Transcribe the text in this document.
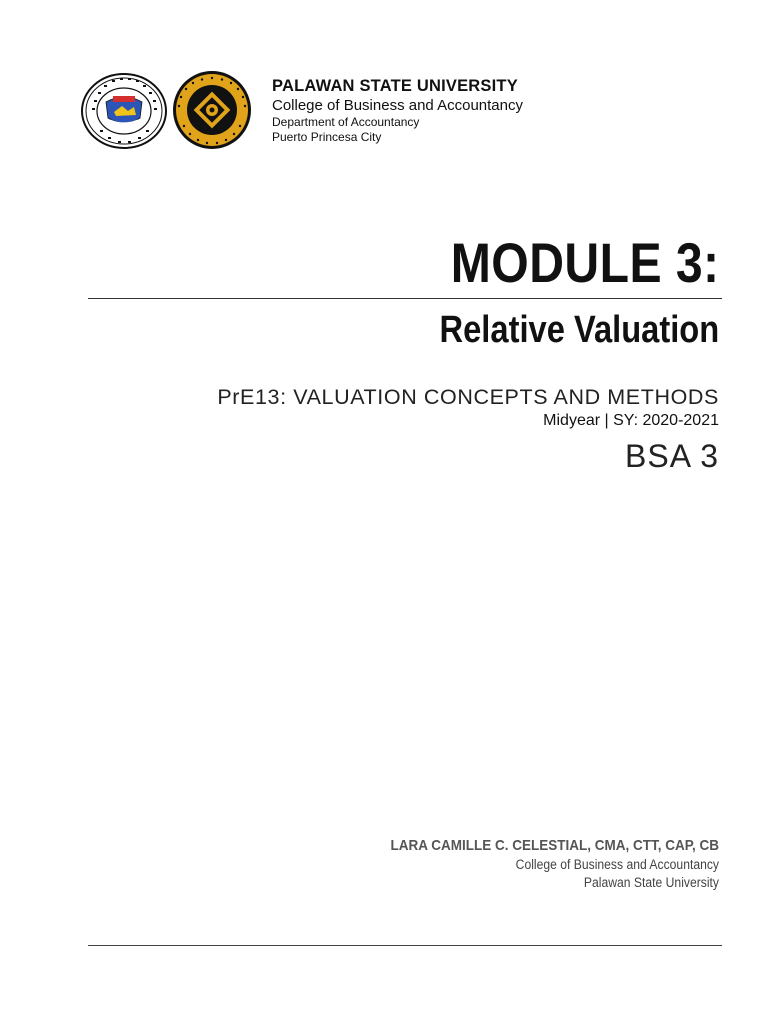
PALAWAN STATE UNIVERSITY
College of Business and Accountancy
Department of Accountancy
Puerto Princesa City
MODULE 3:
Relative Valuation
PrE13: VALUATION CONCEPTS AND METHODS
Midyear | SY: 2020-2021
BSA 3
LARA CAMILLE C. CELESTIAL, CMA, CTT, CAP, CB
College of Business and Accountancy
Palawan State University
